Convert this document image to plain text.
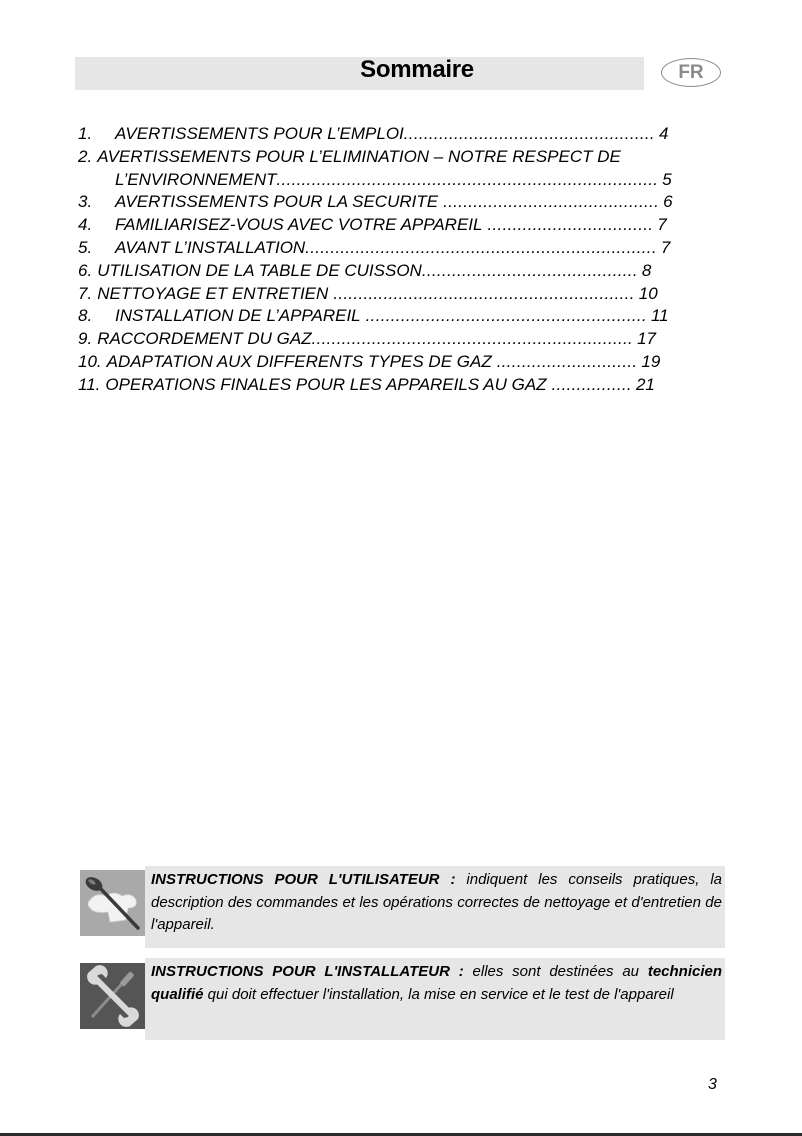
Sommaire	FR
1. AVERTISSEMENTS POUR L’EMPLOI.................................................. 4
2. AVERTISSEMENTS POUR L’ELIMINATION – NOTRE RESPECT DE
L’ENVIRONNEMENT............................................................................ 5
3. AVERTISSEMENTS POUR LA SECURITE ........................................... 6
4. FAMILIARISEZ-VOUS AVEC VOTRE APPAREIL ................................. 7
5. AVANT L’INSTALLATION...................................................................... 7
6. UTILISATION DE LA TABLE DE CUISSON........................................... 8
7. NETTOYAGE ET ENTRETIEN ............................................................ 10
8. INSTALLATION DE L’APPAREIL ........................................................ 11
9. RACCORDEMENT DU GAZ................................................................ 17
10. ADAPTATION AUX DIFFERENTS TYPES DE GAZ ............................ 19
11. OPERATIONS FINALES POUR LES APPAREILS AU GAZ ................ 21
INSTRUCTIONS POUR L'UTILISATEUR : indiquent les conseils pratiques, la description des commandes et les opérations correctes de nettoyage et d'entretien de l'appareil.
INSTRUCTIONS POUR L'INSTALLATEUR : elles sont destinées au technicien qualifié qui doit effectuer l'installation, la mise en service et le test de l'appareil
3
